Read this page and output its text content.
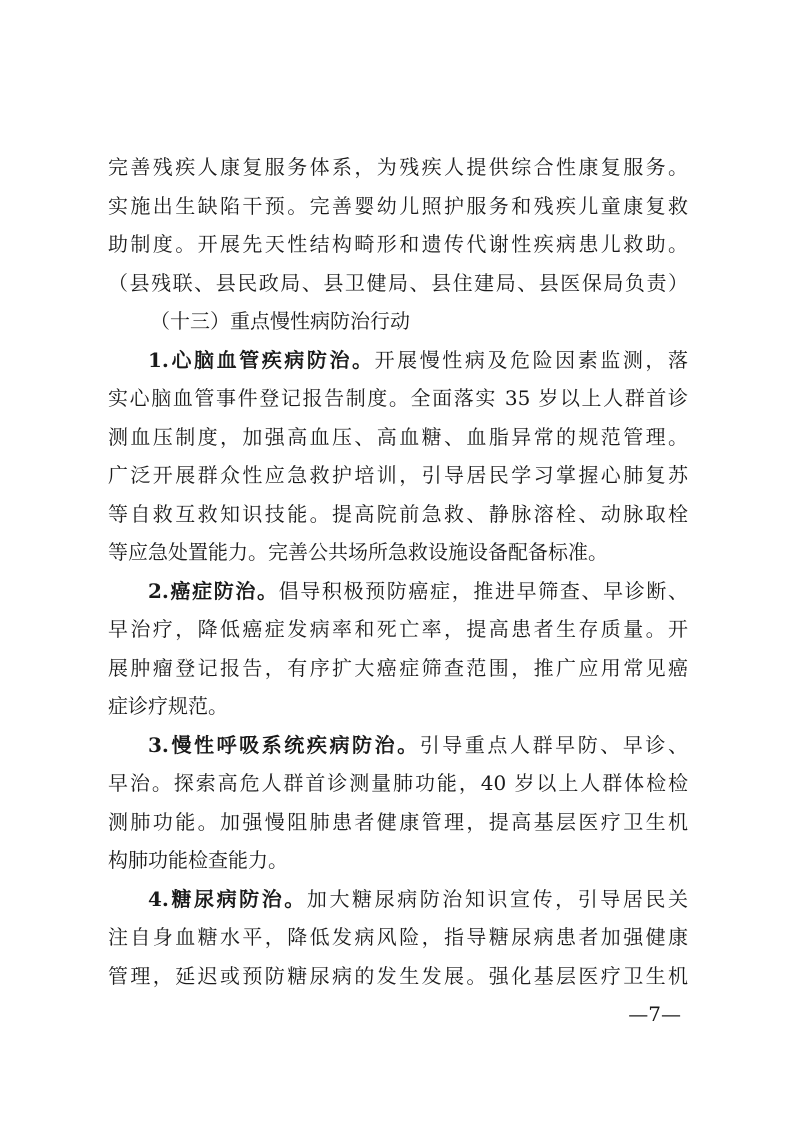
完善残疾人康复服务体系，为残疾人提供综合性康复服务。
实施出生缺陷干预。完善婴幼儿照护服务和残疾儿童康复救
助制度。开展先天性结构畸形和遗传代谢性疾病患儿救助。
（县残联、县民政局、县卫健局、县住建局、县医保局负责）
（十三）重点慢性病防治行动
1.心脑血管疾病防治。开展慢性病及危险因素监测，落
实心脑血管事件登记报告制度。全面落实 35 岁以上人群首诊
测血压制度，加强高血压、高血糖、血脂异常的规范管理。
广泛开展群众性应急救护培训，引导居民学习掌握心肺复苏
等自救互救知识技能。提高院前急救、静脉溶栓、动脉取栓
等应急处置能力。完善公共场所急救设施设备配备标准。
2.癌症防治。倡导积极预防癌症，推进早筛查、早诊断、
早治疗，降低癌症发病率和死亡率，提高患者生存质量。开
展肿瘤登记报告，有序扩大癌症筛查范围，推广应用常见癌
症诊疗规范。
3.慢性呼吸系统疾病防治。引导重点人群早防、早诊、
早治。探索高危人群首诊测量肺功能，40 岁以上人群体检检
测肺功能。加强慢阻肺患者健康管理，提高基层医疗卫生机
构肺功能检查能力。
4.糖尿病防治。加大糖尿病防治知识宣传，引导居民关
注自身血糖水平，降低发病风险，指导糖尿病患者加强健康
管理，延迟或预防糖尿病的发生发展。强化基层医疗卫生机
—7—
